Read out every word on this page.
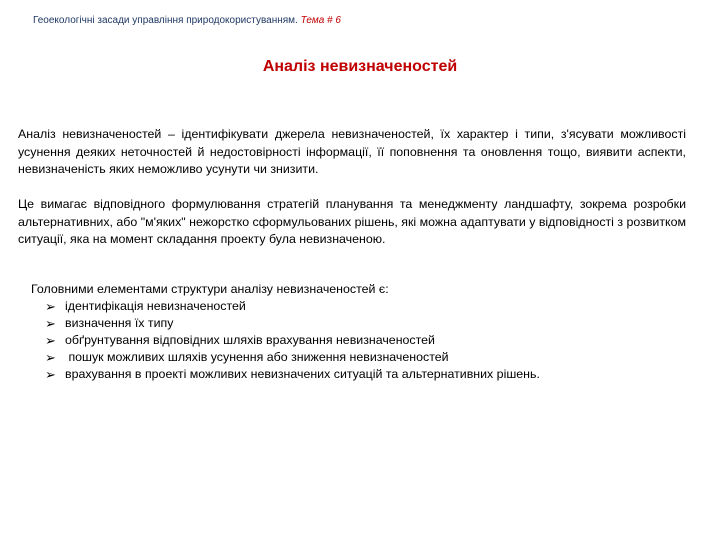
Геоекологічні засади управління природокористуванням. Тема # 6
Аналіз невизначеностей

Аналіз невизначеностей – ідентифікувати джерела невизначеностей, їх характер і типи, з'ясувати можливості усунення деяких неточностей й недостовірності інформації, її поповнення та оновлення тощо, виявити аспекти, невизначеність яких неможливо усунути чи знизити.

Це вимагає відповідного формулювання стратегій планування та менеджменту ландшафту, зокрема розробки альтернативних, або "м'яких" нежорстко сформульованих рішень, які можна адаптувати у відповідності з розвитком ситуації, яка на момент складання проекту була невизначеною.

Головними елементами структури аналізу невизначеностей є:

➢ ідентифікація невизначеностей
➢ визначення їх типу
➢ обґрунтування відповідних шляхів врахування невизначеностей
➢ пошук можливих шляхів усунення або зниження невизначеностей
➢ врахування в проекті можливих невизначених ситуацій та альтернативних рішень.
